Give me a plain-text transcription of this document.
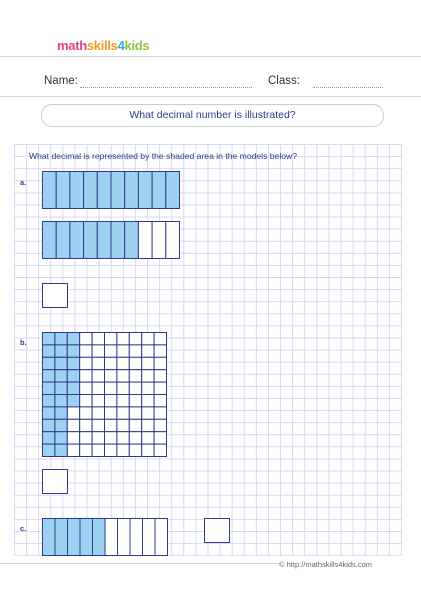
mathskills4kids
Name:	Class:
What decimal number is illustrated?
What decimal is represented by the shaded area in the models below?
a.
b.
c.
© http://mathskills4kids.com
